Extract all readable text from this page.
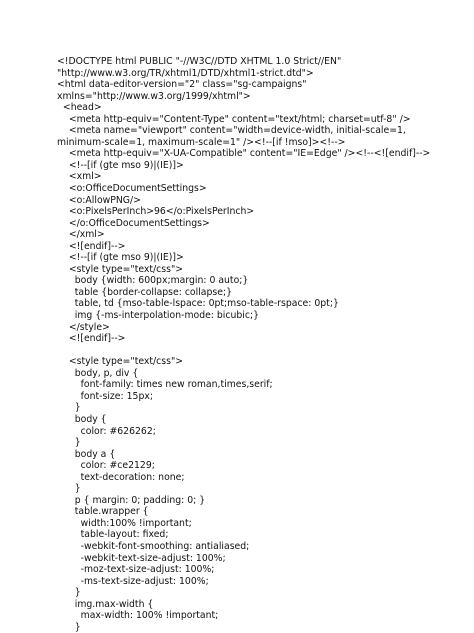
<!DOCTYPE html PUBLIC "-//W3C//DTD XHTML 1.0 Strict//EN"
"http://www.w3.org/TR/xhtml1/DTD/xhtml1-strict.dtd">
<html data-editor-version="2" class="sg-campaigns"
xmlns="http://www.w3.org/1999/xhtml">
<head>
<meta http-equiv="Content-Type" content="text/html; charset=utf-8" />
<meta name="viewport" content="width=device-width, initial-scale=1,
minimum-scale=1, maximum-scale=1" /><!--[if !mso]><!-->
<meta http-equiv="X-UA-Compatible" content="IE=Edge" /><!--<![endif]-->
<!--[if (gte mso 9)|(IE)]>
<xml>
<o:OfficeDocumentSettings>
<o:AllowPNG/>
<o:PixelsPerInch>96</o:PixelsPerInch>
</o:OfficeDocumentSettings>
</xml>
<![endif]-->
<!--[if (gte mso 9)|(IE)]>
<style type="text/css">
body {width: 600px;margin: 0 auto;}
table {border-collapse: collapse;}
table, td {mso-table-lspace: 0pt;mso-table-rspace: 0pt;}
img {-ms-interpolation-mode: bicubic;}
</style>
<![endif]-->
<style type="text/css">
body, p, div {
font-family: times new roman,times,serif;
font-size: 15px;
}
body {
color: #626262;
}
body a {
color: #ce2129;
text-decoration: none;
}
p { margin: 0; padding: 0; }
table.wrapper {
width:100% !important;
table-layout: fixed;
-webkit-font-smoothing: antialiased;
-webkit-text-size-adjust: 100%;
-moz-text-size-adjust: 100%;
-ms-text-size-adjust: 100%;
}
img.max-width {
max-width: 100% !important;
}
